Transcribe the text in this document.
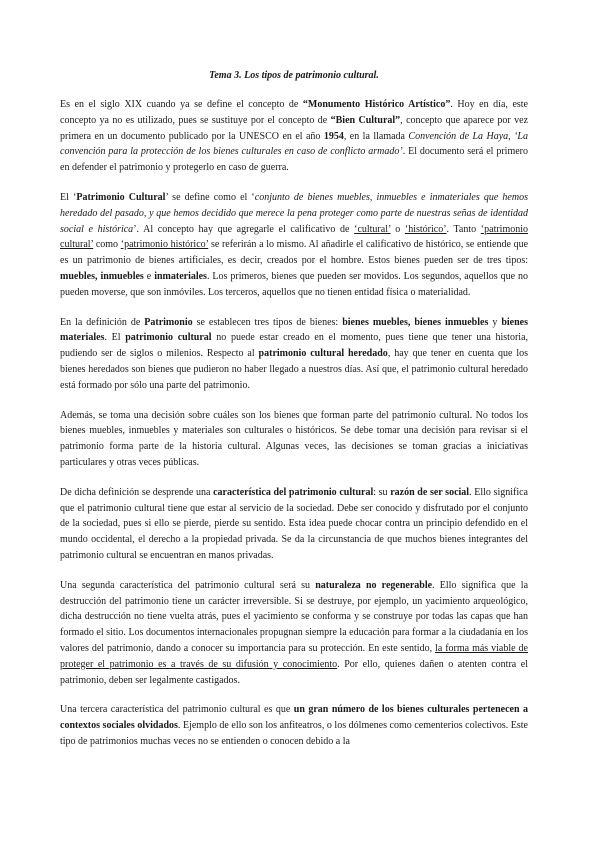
Tema 3. Los tipos de patrimonio cultural.

Es en el siglo XIX cuando ya se define el concepto de “Monumento Histórico Artístico”. Hoy en día, este concepto ya no es utilizado, pues se sustituye por el concepto de “Bien Cultural”, concepto que aparece por vez primera en un documento publicado por la UNESCO en el año 1954, en la llamada Convención de La Haya, ‘La convención para la protección de los bienes culturales en caso de conflicto armado’. El documento será el primero en defender el patrimonio y protegerlo en caso de guerra.

El ‘Patrimonio Cultural’ se define como el ‘conjunto de bienes muebles, inmuebles e inmateriales que hemos heredado del pasado, y que hemos decidido que merece la pena proteger como parte de nuestras señas de identidad social e histórica’. Al concepto hay que agregarle el calificativo de ‘cultural’ o ‘histórico’. Tanto ‘patrimonio cultural’ como ‘patrimonio histórico’ se referirán a lo mismo. Al añadirle el calificativo de histórico, se entiende que es un patrimonio de bienes artificiales, es decir, creados por el hombre. Estos bienes pueden ser de tres tipos: muebles, inmuebles e inmateriales. Los primeros, bienes que pueden ser movidos. Los segundos, aquellos que no pueden moverse, que son inmóviles. Los terceros, aquellos que no tienen entidad física o materialidad.

En la definición de Patrimonio se establecen tres tipos de bienes: bienes muebles, bienes inmuebles y bienes materiales. El patrimonio cultural no puede estar creado en el momento, pues tiene que tener una historia, pudiendo ser de siglos o milenios. Respecto al patrimonio cultural heredado, hay que tener en cuenta que los bienes heredados son bienes que pudieron no haber llegado a nuestros días. Así que, el patrimonio cultural heredado está formado por sólo una parte del patrimonio.

Además, se toma una decisión sobre cuáles son los bienes que forman parte del patrimonio cultural. No todos los bienes muebles, inmuebles y materiales son culturales o históricos. Se debe tomar una decisión para revisar si el patrimonio forma parte de la historia cultural. Algunas veces, las decisiones se toman gracias a iniciativas particulares y otras veces públicas.

De dicha definición se desprende una característica del patrimonio cultural: su razón de ser social. Ello significa que el patrimonio cultural tiene que estar al servicio de la sociedad. Debe ser conocido y disfrutado por el conjunto de la sociedad, pues si ello se pierde, pierde su sentido. Esta idea puede chocar contra un principio defendido en el mundo occidental, el derecho a la propiedad privada. Se da la circunstancia de que muchos bienes integrantes del patrimonio cultural se encuentran en manos privadas.

Una segunda característica del patrimonio cultural será su naturaleza no regenerable. Ello significa que la destrucción del patrimonio tiene un carácter irreversible. Si se destruye, por ejemplo, un yacimiento arqueológico, dicha destrucción no tiene vuelta atrás, pues el yacimiento se conforma y se construye por todas las capas que han formado el sitio. Los documentos internacionales propugnan siempre la educación para formar a la ciudadanía en los valores del patrimonio, dando a conocer su importancia para su protección. En este sentido, la forma más viable de proteger el patrimonio es a través de su difusión y conocimiento. Por ello, quienes dañen o atenten contra el patrimonio, deben ser legalmente castigados.

Una tercera característica del patrimonio cultural es que un gran número de los bienes culturales pertenecen a contextos sociales olvidados. Ejemplo de ello son los anfiteatros, o los dólmenes como cementerios colectivos. Este tipo de patrimonios muchas veces no se entienden o conocen debido a la
